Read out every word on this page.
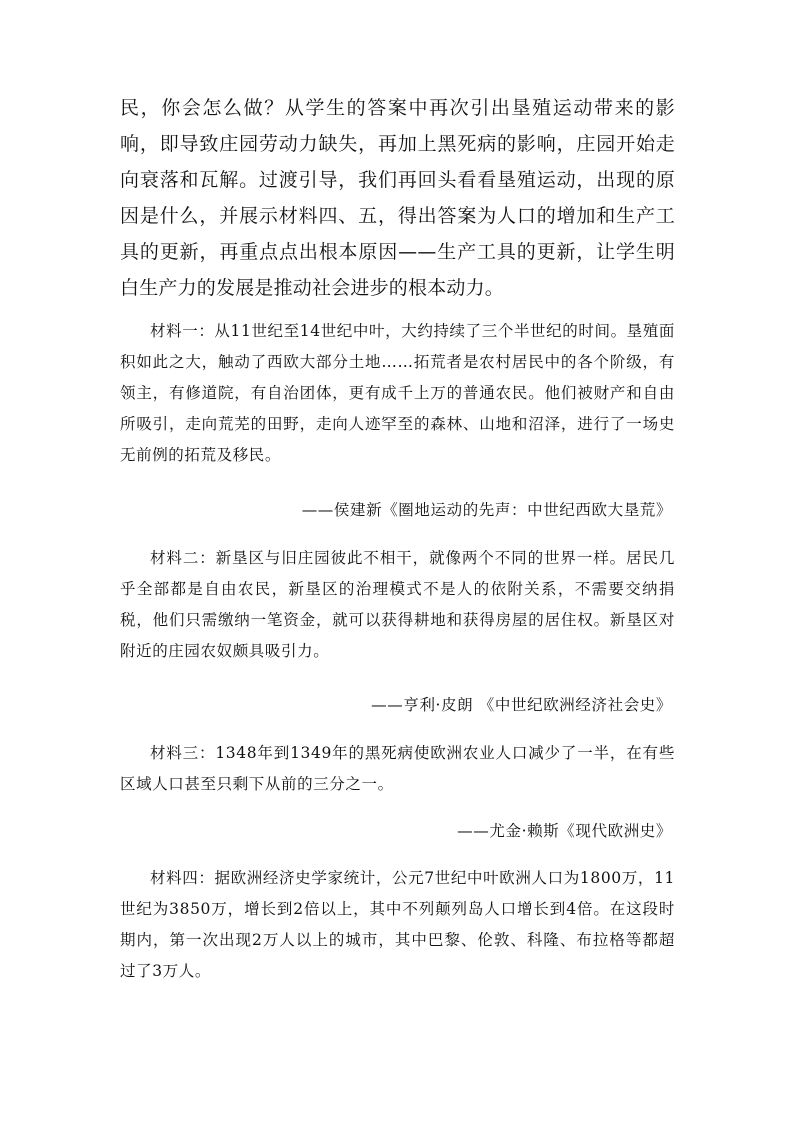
民，你会怎么做？从学生的答案中再次引出垦殖运动带来的影响，即导致庄园劳动力缺失，再加上黑死病的影响，庄园开始走向衰落和瓦解。过渡引导，我们再回头看看垦殖运动，出现的原因是什么，并展示材料四、五，得出答案为人口的增加和生产工具的更新，再重点点出根本原因——生产工具的更新，让学生明白生产力的发展是推动社会进步的根本动力。

材料一：从11世纪至14世纪中叶，大约持续了三个半世纪的时间。垦殖面积如此之大，触动了西欧大部分土地……拓荒者是农村居民中的各个阶级，有领主，有修道院，有自治团体，更有成千上万的普通农民。他们被财产和自由所吸引，走向荒芜的田野，走向人迹罕至的森林、山地和沼泽，进行了一场史无前例的拓荒及移民。

——侯建新《圈地运动的先声：中世纪西欧大垦荒》

材料二：新垦区与旧庄园彼此不相干，就像两个不同的世界一样。居民几乎全部都是自由农民，新垦区的治理模式不是人的依附关系，不需要交纳捐税，他们只需缴纳一笔资金，就可以获得耕地和获得房屋的居住权。新垦区对附近的庄园农奴颇具吸引力。

——亨利·皮朗 《中世纪欧洲经济社会史》

材料三：1348年到1349年的黑死病使欧洲农业人口减少了一半，在有些区域人口甚至只剩下从前的三分之一。

——尤金·赖斯《现代欧洲史》

材料四：据欧洲经济史学家统计，公元7世纪中叶欧洲人口为1800万，11世纪为3850万，增长到2倍以上，其中不列颠列岛人口增长到4倍。在这段时期内，第一次出现2万人以上的城市，其中巴黎、伦敦、科隆、布拉格等都超过了3万人。
